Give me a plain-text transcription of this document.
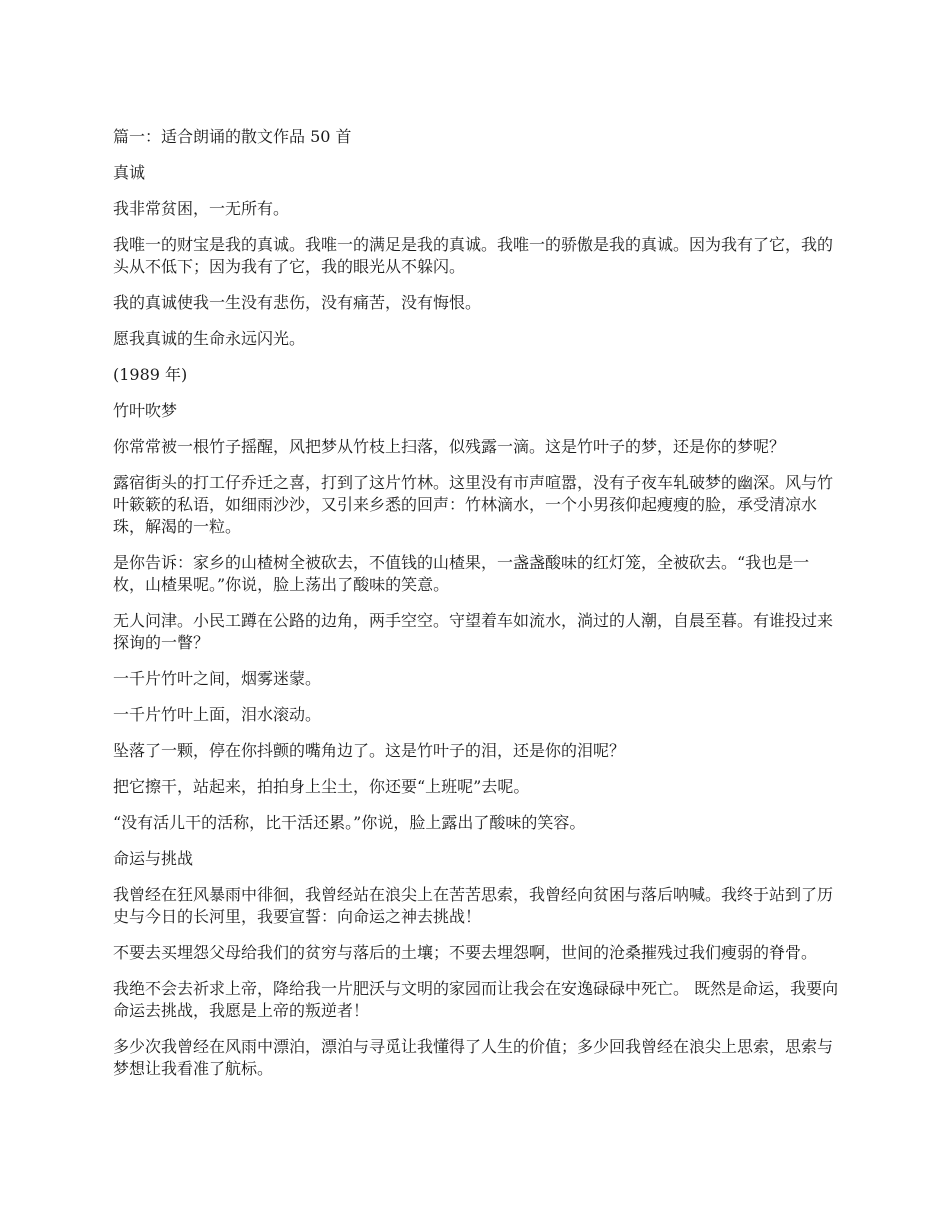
篇一：适合朗诵的散文作品 50 首

真诚

我非常贫困，一无所有。

我唯一的财宝是我的真诚。我唯一的满足是我的真诚。我唯一的骄傲是我的真诚。因为我有了它，我的头从不低下；因为我有了它，我的眼光从不躲闪。

我的真诚使我一生没有悲伤，没有痛苦，没有悔恨。

愿我真诚的生命永远闪光。

(1989 年)

竹叶吹梦

你常常被一根竹子摇醒，风把梦从竹枝上扫落，似残露一滴。这是竹叶子的梦，还是你的梦呢？

露宿街头的打工仔乔迁之喜，打到了这片竹林。这里没有市声喧嚣，没有子夜车轧破梦的幽深。风与竹叶簌簌的私语，如细雨沙沙，又引来乡悉的回声：竹林滴水，一个小男孩仰起瘦瘦的脸，承受清凉水珠，解渴的一粒。

是你告诉：家乡的山楂树全被砍去，不值钱的山楂果，一盏盏酸味的红灯笼，全被砍去。“我也是一枚，山楂果呢。”你说，脸上荡出了酸味的笑意。

无人问津。小民工蹲在公路的边角，两手空空。守望着车如流水，淌过的人潮，自晨至暮。有谁投过来探询的一瞥？

一千片竹叶之间，烟雾迷蒙。

一千片竹叶上面，泪水滚动。

坠落了一颗，停在你抖颤的嘴角边了。这是竹叶子的泪，还是你的泪呢？

把它擦干，站起来，拍拍身上尘土，你还要“上班呢”去呢。

“没有活儿干的活称，比干活还累。”你说，脸上露出了酸味的笑容。

命运与挑战

我曾经在狂风暴雨中徘徊，我曾经站在浪尖上在苦苦思索，我曾经向贫困与落后呐喊。我终于站到了历史与今日的长河里，我要宣誓：向命运之神去挑战！

不要去买埋怨父母给我们的贫穷与落后的土壤；不要去埋怨啊，世间的沧桑摧残过我们瘦弱的脊骨。

我绝不会去祈求上帝，降给我一片肥沃与文明的家园而让我会在安逸碌碌中死亡。 既然是命运，我要向命运去挑战，我愿是上帝的叛逆者！

多少次我曾经在风雨中漂泊，漂泊与寻觅让我懂得了人生的价值；多少回我曾经在浪尖上思索，思索与梦想让我看准了航标。
